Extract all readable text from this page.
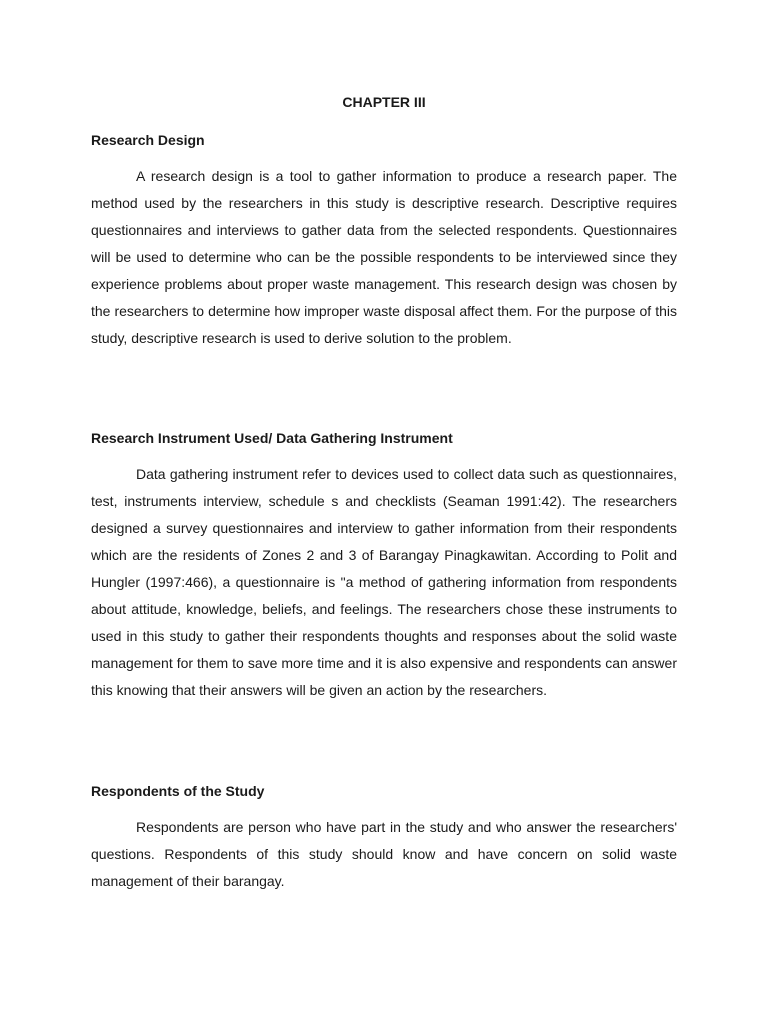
CHAPTER III
Research Design

A research design is a tool to gather information to produce a research paper. The method used by the researchers in this study is descriptive research. Descriptive requires questionnaires and interviews to gather data from the selected respondents. Questionnaires will be used to determine who can be the possible respondents to be interviewed since they experience problems about proper waste management. This research design was chosen by the researchers to determine how improper waste disposal affect them. For the purpose of this study, descriptive research is used to derive solution to the problem.

Research Instrument Used/ Data Gathering Instrument

Data gathering instrument refer to devices used to collect data such as questionnaires, test, instruments interview, schedule s and checklists (Seaman 1991:42). The researchers designed a survey questionnaires and interview to gather information from their respondents which are the residents of Zones 2 and 3 of Barangay Pinagkawitan. According to Polit and Hungler (1997:466), a questionnaire is "a method of gathering information from respondents about attitude, knowledge, beliefs, and feelings. The researchers chose these instruments to used in this study to gather their respondents thoughts and responses about the solid waste management for them to save more time and it is also expensive and respondents can answer this knowing that their answers will be given an action by the researchers.

Respondents of the Study

Respondents are person who have part in the study and who answer the researchers' questions. Respondents of this study should know and have concern on solid waste management of their barangay.
